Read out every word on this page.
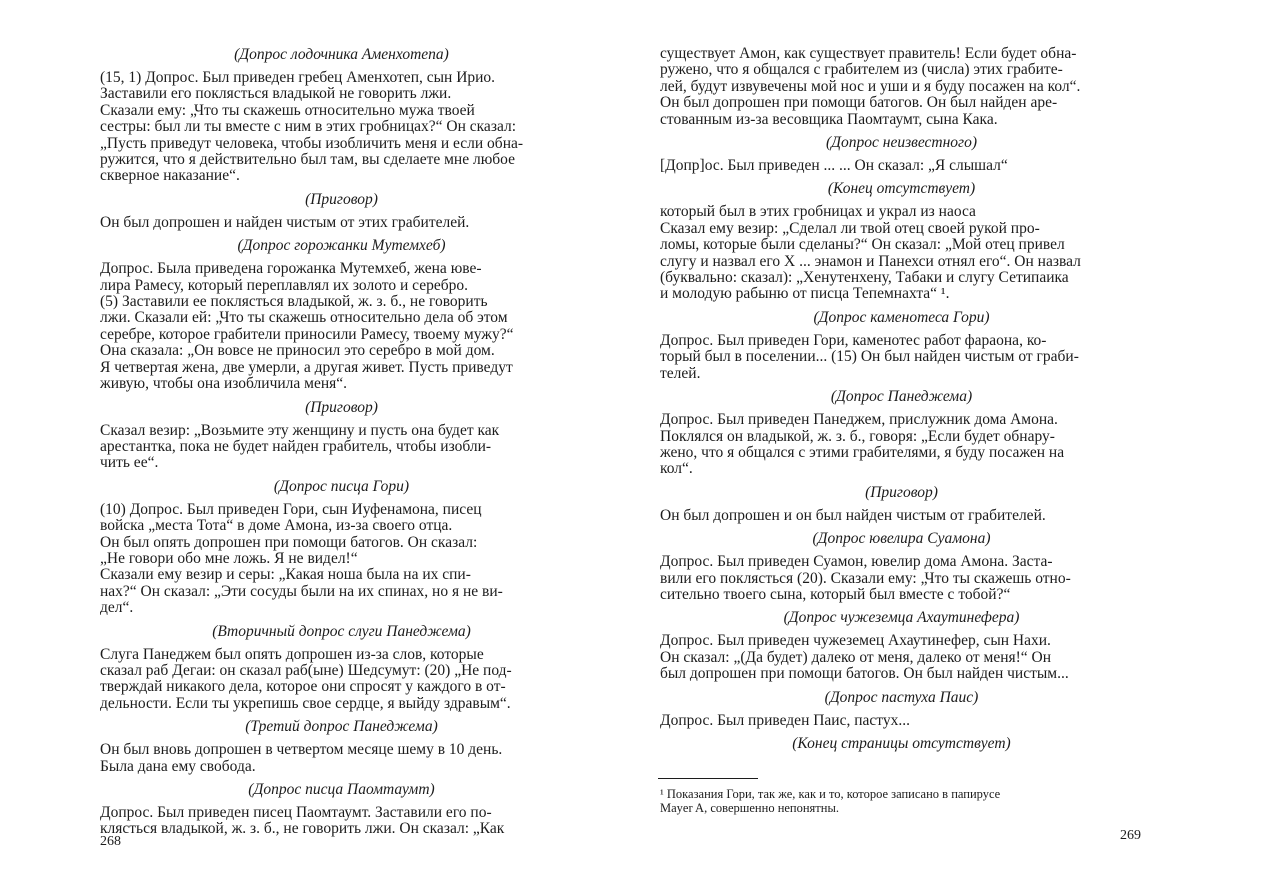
(Допрос лодочника Аменхотепа)

(15, 1) Допрос. Был приведен гребец Аменхотеп, сын Ирио.
Заставили его поклясться владыкой не говорить лжи.
Сказали ему: „Что ты скажешь относительно мужа твоей
сестры: был ли ты вместе с ним в этих гробницах?“ Он сказал:
„Пусть приведут человека, чтобы изобличить меня и если обна-
ружится, что я действительно был там, вы сделаете мне любое
скверное наказание“.

(Приговор)

Он был допрошен и найден чистым от этих грабителей.

(Допрос горожанки Мутемхеб)

Допрос. Была приведена горожанка Мутемхеб, жена юве-
лира Рамесу, который переплавлял их золото и серебро.
(5) Заставили ее поклясться владыкой, ж. з. б., не говорить
лжи. Сказали ей: „Что ты скажешь относительно дела об этом
серебре, которое грабители приносили Рамесу, твоему мужу?“
Она сказала: „Он вовсе не приносил это серебро в мой дом.
Я четвертая жена, две умерли, а другая живет. Пусть приведут
живую, чтобы она изобличила меня“.

(Приговор)

Сказал везир: „Возьмите эту женщину и пусть она будет как
арестантка, пока не будет найден грабитель, чтобы изобли-
чить ее“.

(Допрос писца Гори)

(10) Допрос. Был приведен Гори, сын Иуфенамона, писец
войска „места Тота“ в доме Амона, из-за своего отца.
Он был опять допрошен при помощи батогов. Он сказал:
„Не говори обо мне ложь. Я не видел!“
Сказали ему везир и серы: „Какая ноша была на их спи-
нах?“ Он сказал: „Эти сосуды были на их спинах, но я не ви-
дел“.

(Вторичный допрос слуги Панеджема)

Слуга Панеджем был опять допрошен из-за слов, которые
сказал раб Дегаи: он сказал раб(ыне) Шедсумут: (20) „Не под-
тверждай никакого дела, которое они спросят у каждого в от-
дельности. Если ты укрепишь свое сердце, я выйду здравым“.

(Третий допрос Панеджема)

Он был вновь допрошен в четвертом месяце шему в 10 день.
Была дана ему свобода.

(Допрос писца Паомтаумт)

Допрос. Был приведен писец Паомтаумт. Заставили его по-
клясться владыкой, ж. з. б., не говорить лжи. Он сказал: „Как

существует Амон, как существует правитель! Если будет обна-
ружено, что я общался с грабителем из (числа) этих грабите-
лей, будут извувечены мой нос и уши и я буду посажен на кол“.
Он был допрошен при помощи батогов. Он был найден аре-
стованным из-за весовщика Паомтаумт, сына Кака.

(Допрос неизвестного)

[Допр]ос. Был приведен ... ... Он сказал: „Я слышал“

(Конец отсутствует)

который был в этих гробницах и украл из наоса
Сказал ему везир: „Сделал ли твой отец своей рукой про-
ломы, которые были сделаны?“ Он сказал: „Мой отец привел
слугу и назвал его Х ... энамон и Панехси отнял его“. Он назвал
(буквально: сказал): „Хенутенхену, Табаки и слугу Сетипаика
и молодую рабыню от писца Тепемнахта“ ¹.

(Допрос каменотеса Гори)

Допрос. Был приведен Гори, каменотес работ фараона, ко-
торый был в поселении... (15) Он был найден чистым от граби-
телей.

(Допрос Панеджема)

Допрос. Был приведен Панеджем, прислужник дома Амона.
Поклялся он владыкой, ж. з. б., говоря: „Если будет обнару-
жено, что я общался с этими грабителями, я буду посажен на
кол“.

(Приговор)

Он был допрошен и он был найден чистым от грабителей.

(Допрос ювелира Суамона)

Допрос. Был приведен Суамон, ювелир дома Амона. Заста-
вили его поклясться (20). Сказали ему: „Что ты скажешь отно-
сительно твоего сына, который был вместе с тобой?“

(Допрос чужеземца Ахаутинефера)

Допрос. Был приведен чужеземец Ахаутинефер, сын Нахи.
Он сказал: „(Да будет) далеко от меня, далеко от меня!“ Он
был допрошен при помощи батогов. Он был найден чистым...

(Допрос пастуха Паис)

Допрос. Был приведен Паис, пастух...

(Конец страницы отсутствует)

¹ Показания Гори, так же, как и то, которое записано в папирусе
Mayer A, совершенно непонятны.

268	269
